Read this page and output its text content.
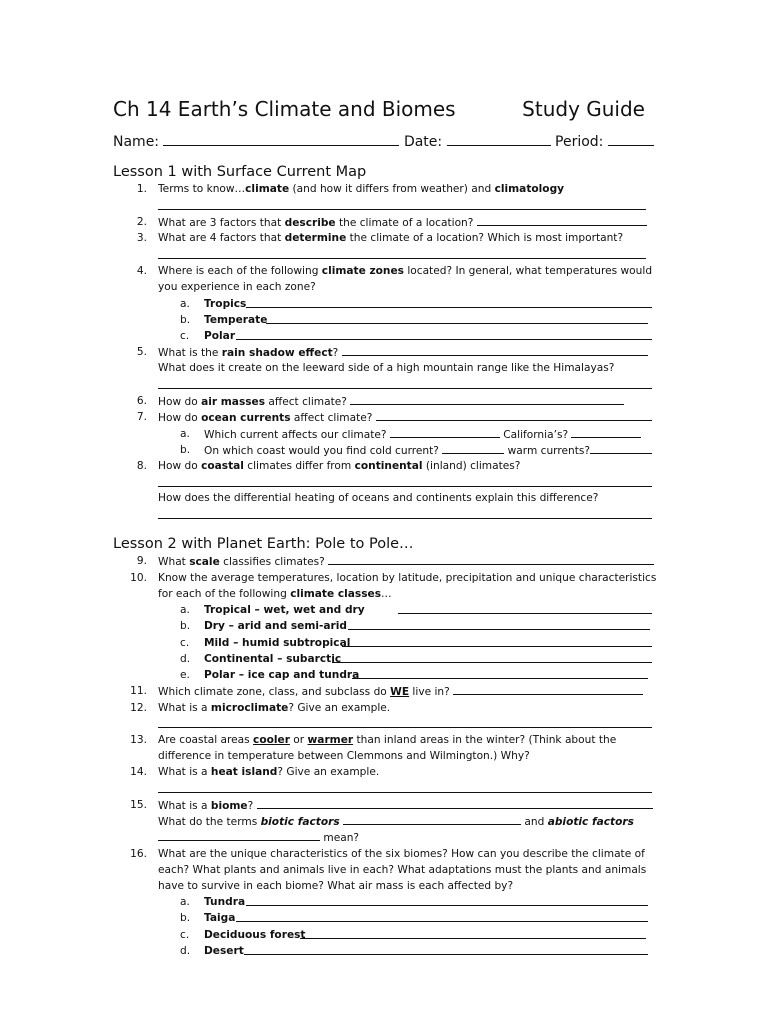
Ch 14 Earth’s Climate and Biomes	Study Guide
Name:	Date:	Period:
Lesson 1 with Surface Current Map
1. Terms to know…climate (and how it differs from weather) and climatology
2. What are 3 factors that describe the climate of a location?
3. What are 4 factors that determine the climate of a location? Which is most important?
4. Where is each of the following climate zones located? In general, what temperatures would
you experience in each zone?
a.	Tropics
b.	Temperate
c.	Polar
5. What is the rain shadow effect?
What does it create on the leeward side of a high mountain range like the Himalayas?
6. How do air masses affect climate?
7. How do ocean currents affect climate?
a.	Which current affects our climate?	California’s?
b.	On which coast would you find cold current?	warm currents?
8. How do coastal climates differ from continental (inland) climates?
How does the differential heating of oceans and continents explain this difference?
Lesson 2 with Planet Earth: Pole to Pole…
9. What scale classifies climates?
10. Know the average temperatures, location by latitude, precipitation and unique characteristics
for each of the following climate classes…
a.	Tropical – wet, wet and dry
b.	Dry – arid and semi-arid
c.	Mild – humid subtropical
d.	Continental – subarctic
e.	Polar – ice cap and tundra
11. Which climate zone, class, and subclass do WE live in?
12. What is a microclimate? Give an example.
13. Are coastal areas cooler or warmer than inland areas in the winter? (Think about the
difference in temperature between Clemmons and Wilmington.) Why?
14. What is a heat island? Give an example.
15. What is a biome?
What do the terms biotic factors	and abiotic factors
mean?
16. What are the unique characteristics of the six biomes? How can you describe the climate of
each? What plants and animals live in each? What adaptations must the plants and animals
have to survive in each biome? What air mass is each affected by?
a.	Tundra
b.	Taiga
c.	Deciduous forest
d.	Desert
